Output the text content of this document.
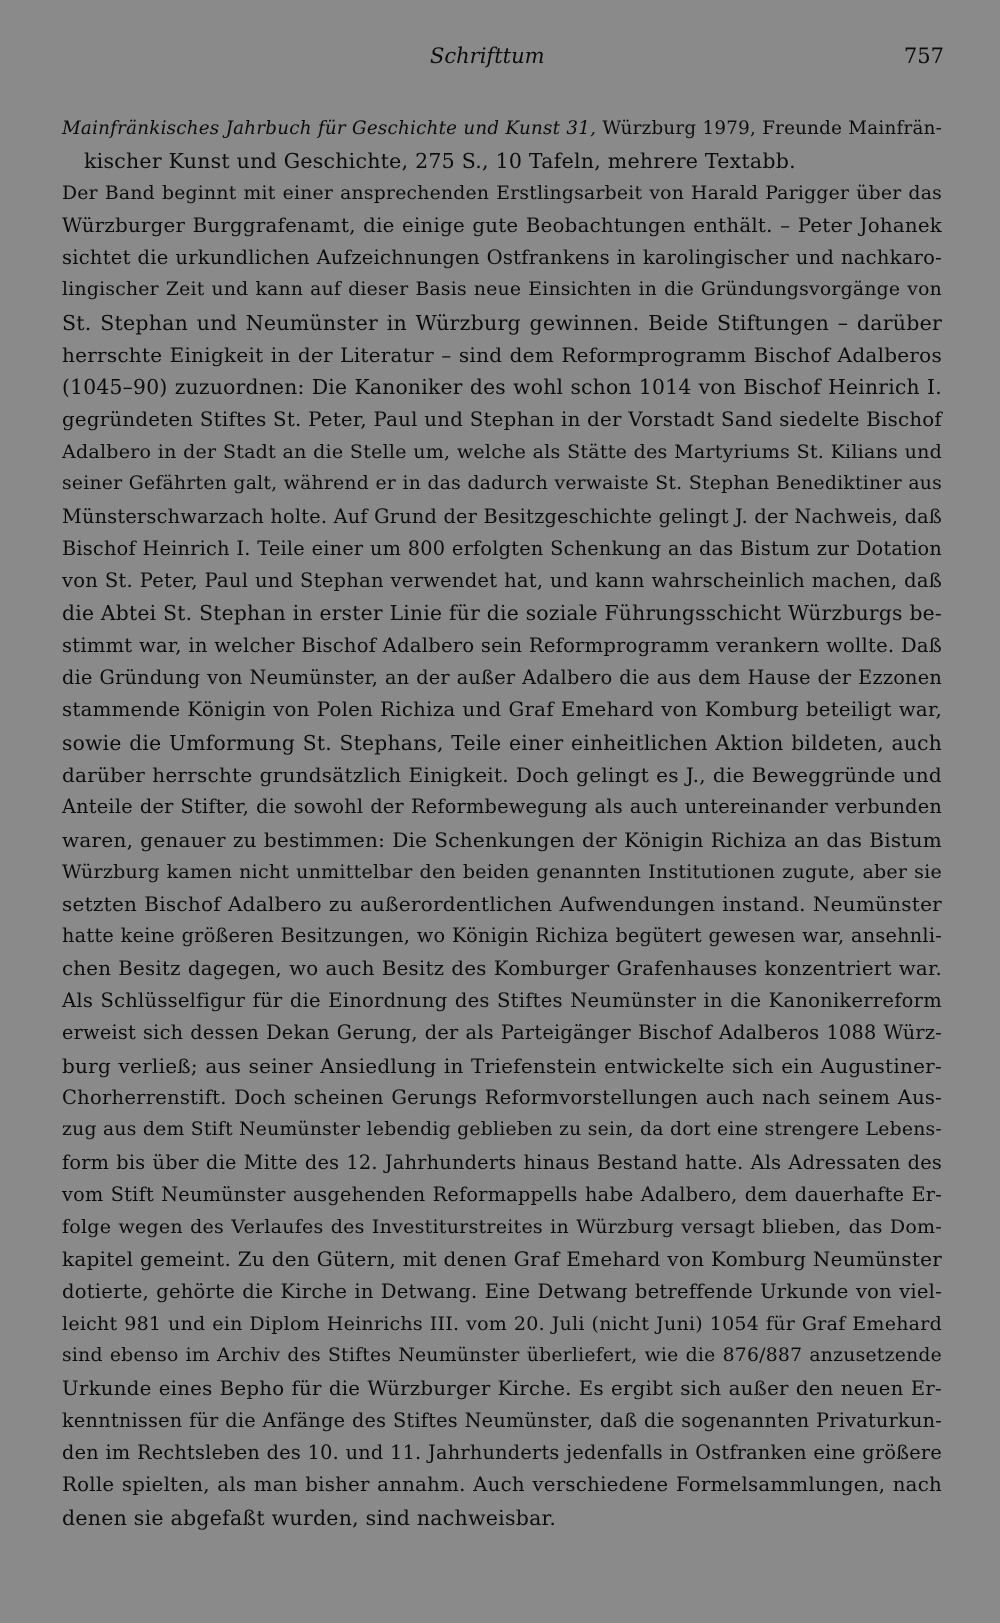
Schrifttum	757
Mainfränkisches Jahrbuch für Geschichte und Kunst 31, Würzburg 1979, Freunde Mainfrän-
kischer Kunst und Geschichte, 275 S., 10 Tafeln, mehrere Textabb.
Der Band beginnt mit einer ansprechenden Erstlingsarbeit von Harald Parigger über das
Würzburger Burggrafenamt, die einige gute Beobachtungen enthält. – Peter Johanek
sichtet die urkundlichen Aufzeichnungen Ostfrankens in karolingischer und nachkaro-
lingischer Zeit und kann auf dieser Basis neue Einsichten in die Gründungsvorgänge von
St. Stephan und Neumünster in Würzburg gewinnen. Beide Stiftungen – darüber
herrschte Einigkeit in der Literatur – sind dem Reformprogramm Bischof Adalberos
(1045–90) zuzuordnen: Die Kanoniker des wohl schon 1014 von Bischof Heinrich I.
gegründeten Stiftes St. Peter, Paul und Stephan in der Vorstadt Sand siedelte Bischof
Adalbero in der Stadt an die Stelle um, welche als Stätte des Martyriums St. Kilians und
seiner Gefährten galt, während er in das dadurch verwaiste St. Stephan Benediktiner aus
Münsterschwarzach holte. Auf Grund der Besitzgeschichte gelingt J. der Nachweis, daß
Bischof Heinrich I. Teile einer um 800 erfolgten Schenkung an das Bistum zur Dotation
von St. Peter, Paul und Stephan verwendet hat, und kann wahrscheinlich machen, daß
die Abtei St. Stephan in erster Linie für die soziale Führungsschicht Würzburgs be-
stimmt war, in welcher Bischof Adalbero sein Reformprogramm verankern wollte. Daß
die Gründung von Neumünster, an der außer Adalbero die aus dem Hause der Ezzonen
stammende Königin von Polen Richiza und Graf Emehard von Komburg beteiligt war,
sowie die Umformung St. Stephans, Teile einer einheitlichen Aktion bildeten, auch
darüber herrschte grundsätzlich Einigkeit. Doch gelingt es J., die Beweggründe und
Anteile der Stifter, die sowohl der Reformbewegung als auch untereinander verbunden
waren, genauer zu bestimmen: Die Schenkungen der Königin Richiza an das Bistum
Würzburg kamen nicht unmittelbar den beiden genannten Institutionen zugute, aber sie
setzten Bischof Adalbero zu außerordentlichen Aufwendungen instand. Neumünster
hatte keine größeren Besitzungen, wo Königin Richiza begütert gewesen war, ansehnli-
chen Besitz dagegen, wo auch Besitz des Komburger Grafenhauses konzentriert war.
Als Schlüsselfigur für die Einordnung des Stiftes Neumünster in die Kanonikerreform
erweist sich dessen Dekan Gerung, der als Parteigänger Bischof Adalberos 1088 Würz-
burg verließ; aus seiner Ansiedlung in Triefenstein entwickelte sich ein Augustiner-
Chorherrenstift. Doch scheinen Gerungs Reformvorstellungen auch nach seinem Aus-
zug aus dem Stift Neumünster lebendig geblieben zu sein, da dort eine strengere Lebens-
form bis über die Mitte des 12. Jahrhunderts hinaus Bestand hatte. Als Adressaten des
vom Stift Neumünster ausgehenden Reformappells habe Adalbero, dem dauerhafte Er-
folge wegen des Verlaufes des Investiturstreites in Würzburg versagt blieben, das Dom-
kapitel gemeint. Zu den Gütern, mit denen Graf Emehard von Komburg Neumünster
dotierte, gehörte die Kirche in Detwang. Eine Detwang betreffende Urkunde von viel-
leicht 981 und ein Diplom Heinrichs III. vom 20. Juli (nicht Juni) 1054 für Graf Emehard
sind ebenso im Archiv des Stiftes Neumünster überliefert, wie die 876/887 anzusetzende
Urkunde eines Bepho für die Würzburger Kirche. Es ergibt sich außer den neuen Er-
kenntnissen für die Anfänge des Stiftes Neumünster, daß die sogenannten Privaturkun-
den im Rechtsleben des 10. und 11. Jahrhunderts jedenfalls in Ostfranken eine größere
Rolle spielten, als man bisher annahm. Auch verschiedene Formelsammlungen, nach
denen sie abgefaßt wurden, sind nachweisbar.
